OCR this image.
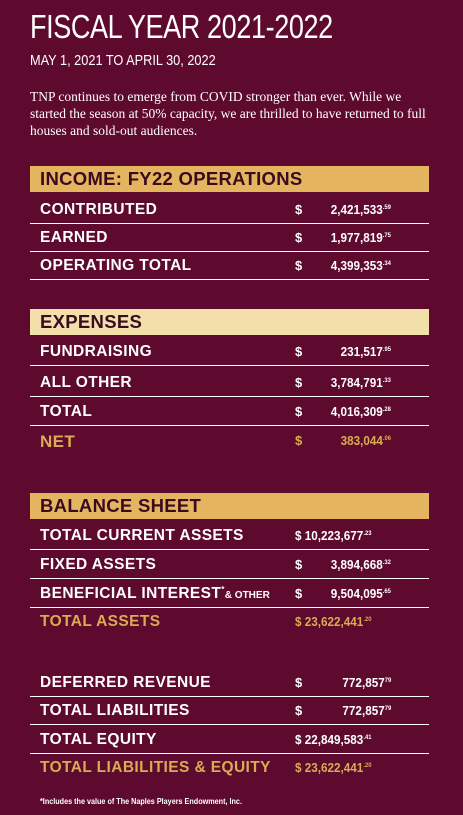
FISCAL YEAR 2021-2022
MAY 1, 2021 TO APRIL 30, 2022
TNP continues to emerge from COVID stronger than ever. While we started the season at 50% capacity, we are thrilled to have returned to full houses and sold-out audiences.
INCOME: FY22 OPERATIONS
CONTRIBUTED	$ $2,421,533^{.59}$
EARNED	$ $1,977,819^{.75}$
OPERATING TOTAL	$ $4,399,353^{.34}$
EXPENSES
FUNDRAISING	$	$231,517^{.95}$
ALL OTHER	$ $3,784,791^{.33}$
TOTAL	$ $4,016,309^{.28}$
NET	$	$383,044^{.06}$
BALANCE SHEET
TOTAL CURRENT ASSETS	$ $10,223,677^{.23}$
FIXED ASSETS	$ $3,894,668^{.32}$
BENEFICIAL INTEREST*& OTHER $ $9,504,095^{.65}$
TOTAL ASSETS	$ $23,622,441^{.20}$
DEFERRED REVENUE	$	772,857$^{79}$
TOTAL LIABILITIES	$	772,857$^{79}$
TOTAL EQUITY	$ $22,849,583^{.41}$
TOTAL LIABILITIES & EQUITY $ $23,622,441^{.20}$
*Includes the value of The Naples Players Endowment, Inc.
